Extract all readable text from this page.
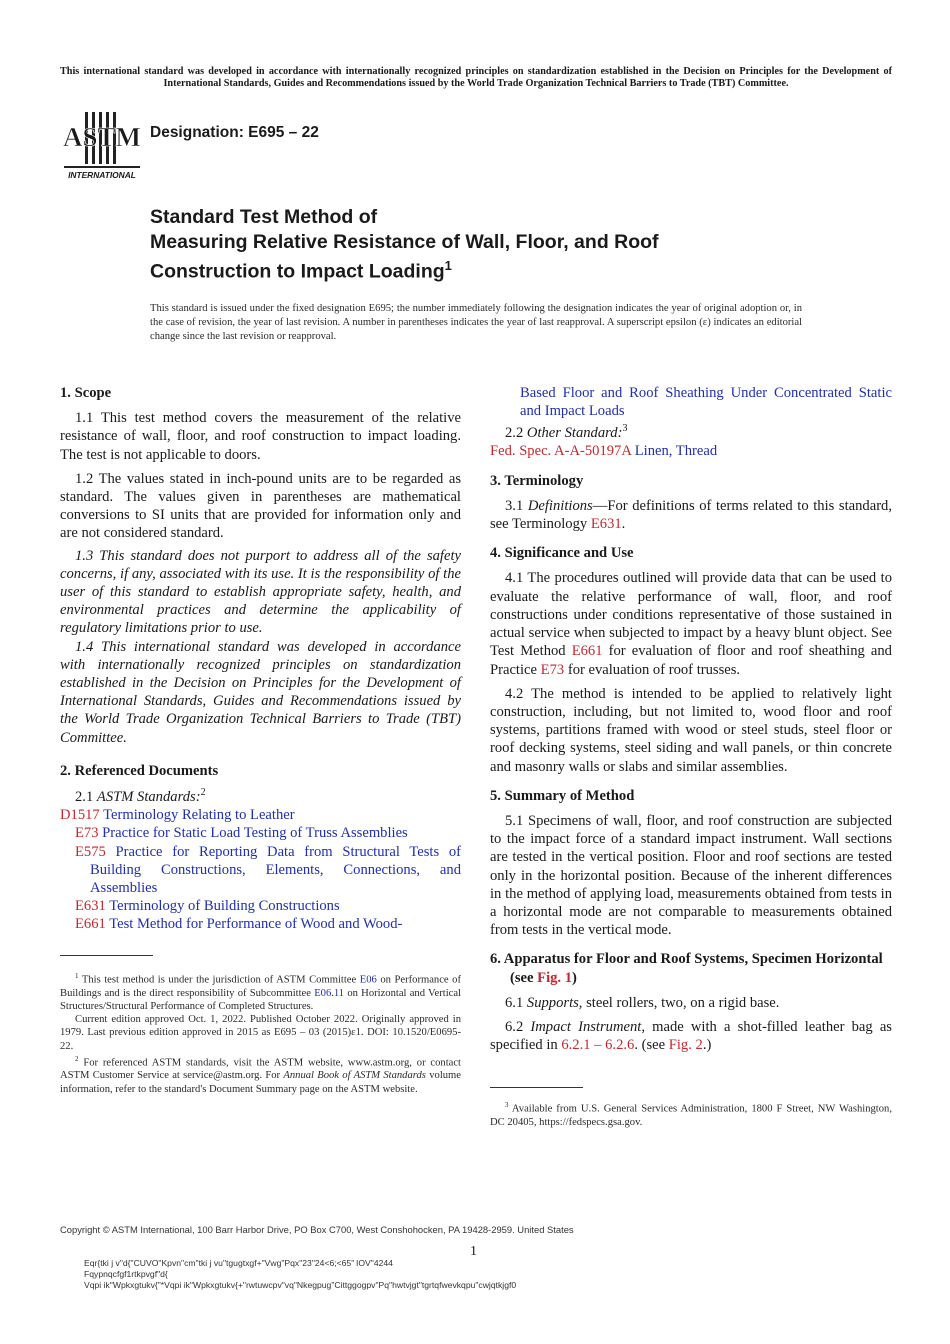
This international standard was developed in accordance with internationally recognized principles on standardization established in the Decision on Principles for the Development of International Standards, Guides and Recommendations issued by the World Trade Organization Technical Barriers to Trade (TBT) Committee.
ASTM
INTERNATIONAL
Designation: E695 – 22
Standard Test Method of
Measuring Relative Resistance of Wall, Floor, and Roof
Construction to Impact Loading$^1$
This standard is issued under the fixed designation E695; the number immediately following the designation indicates the year of original adoption or, in the case of revision, the year of last revision. A number in parentheses indicates the year of last reapproval. A superscript epsilon (ε) indicates an editorial change since the last revision or reapproval.

1. Scope

1.1 This test method covers the measurement of the relative resistance of wall, floor, and roof construction to impact loading. The test is not applicable to doors.

1.2 The values stated in inch-pound units are to be regarded as standard. The values given in parentheses are mathematical conversions to SI units that are provided for information only and are not considered standard.

1.3 This standard does not purport to address all of the safety concerns, if any, associated with its use. It is the responsibility of the user of this standard to establish appropriate safety, health, and environmental practices and determine the applicability of regulatory limitations prior to use.

1.4 This international standard was developed in accordance with internationally recognized principles on standardization established in the Decision on Principles for the Development of International Standards, Guides and Recommendations issued by the World Trade Organization Technical Barriers to Trade (TBT) Committee.

2. Referenced Documents

2.1 ASTM Standards:$^2$

D1517 Terminology Relating to Leather

E73 Practice for Static Load Testing of Truss Assemblies

E575 Practice for Reporting Data from Structural Tests of Building Constructions, Elements, Connections, and Assemblies

E631 Terminology of Building Constructions

E661 Test Method for Performance of Wood and Wood-

$^1$ This test method is under the jurisdiction of ASTM Committee E06 on Performance of Buildings and is the direct responsibility of Subcommittee E06.11 on Horizontal and Vertical Structures/Structural Performance of Completed Structures.

Current edition approved Oct. 1, 2022. Published October 2022. Originally approved in 1979. Last previous edition approved in 2015 as E695 – 03 (2015)ε1. DOI: 10.1520/E0695-22.

$^2$ For referenced ASTM standards, visit the ASTM website, www.astm.org, or contact ASTM Customer Service at service@astm.org. For Annual Book of ASTM Standards volume information, refer to the standard's Document Summary page on the ASTM website.

Based Floor and Roof Sheathing Under Concentrated Static and Impact Loads

2.2 Other Standard:$^3$

Fed. Spec. A-A-50197A Linen, Thread

3. Terminology

3.1 Definitions—For definitions of terms related to this standard, see Terminology E631.

4. Significance and Use

4.1 The procedures outlined will provide data that can be used to evaluate the relative performance of wall, floor, and roof constructions under conditions representative of those sustained in actual service when subjected to impact by a heavy blunt object. See Test Method E661 for evaluation of floor and roof sheathing and Practice E73 for evaluation of roof trusses.

4.2 The method is intended to be applied to relatively light construction, including, but not limited to, wood floor and roof systems, partitions framed with wood or steel studs, steel floor or roof decking systems, steel siding and wall panels, or thin concrete and masonry walls or slabs and similar assemblies.

5. Summary of Method

5.1 Specimens of wall, floor, and roof construction are subjected to the impact force of a standard impact instrument. Wall sections are tested in the vertical position. Floor and roof sections are tested only in the horizontal position. Because of the inherent differences in the method of applying load, measurements obtained from tests in a horizontal mode are not comparable to measurements obtained from tests in the vertical mode.

6. Apparatus for Floor and Roof Systems, Specimen Horizontal (see Fig. 1)

6.1 Supports, steel rollers, two, on a rigid base.

6.2 Impact Instrument, made with a shot-filled leather bag as specified in 6.2.1 – 6.2.6. (see Fig. 2.)

$^3$ Available from U.S. General Services Administration, 1800 F Street, NW Washington, DC 20405, https://fedspecs.gsa.gov.

Copyright © ASTM International, 100 Barr Harbor Drive, PO Box C700, West Conshohocken, PA 19428-2959. United States
1
Eqr{tki j v"d{"CUVO"Kpvn"cm"tki j vu"tgugtxgf+"Vwg"Pqx"23"24<6;<65" IOV"4244
Fqypnqcfgf1rtkpvgf"d{
Vqpi ik"Wpkxgtukv{"*Vqpi ik"Wpkxgtukv{+"rwtuwcpv"vq"Nkegpug"Cittggogpv"Pq"hwtvjgt"tgrtqfwevkqpu"cwjqtkjgf0
